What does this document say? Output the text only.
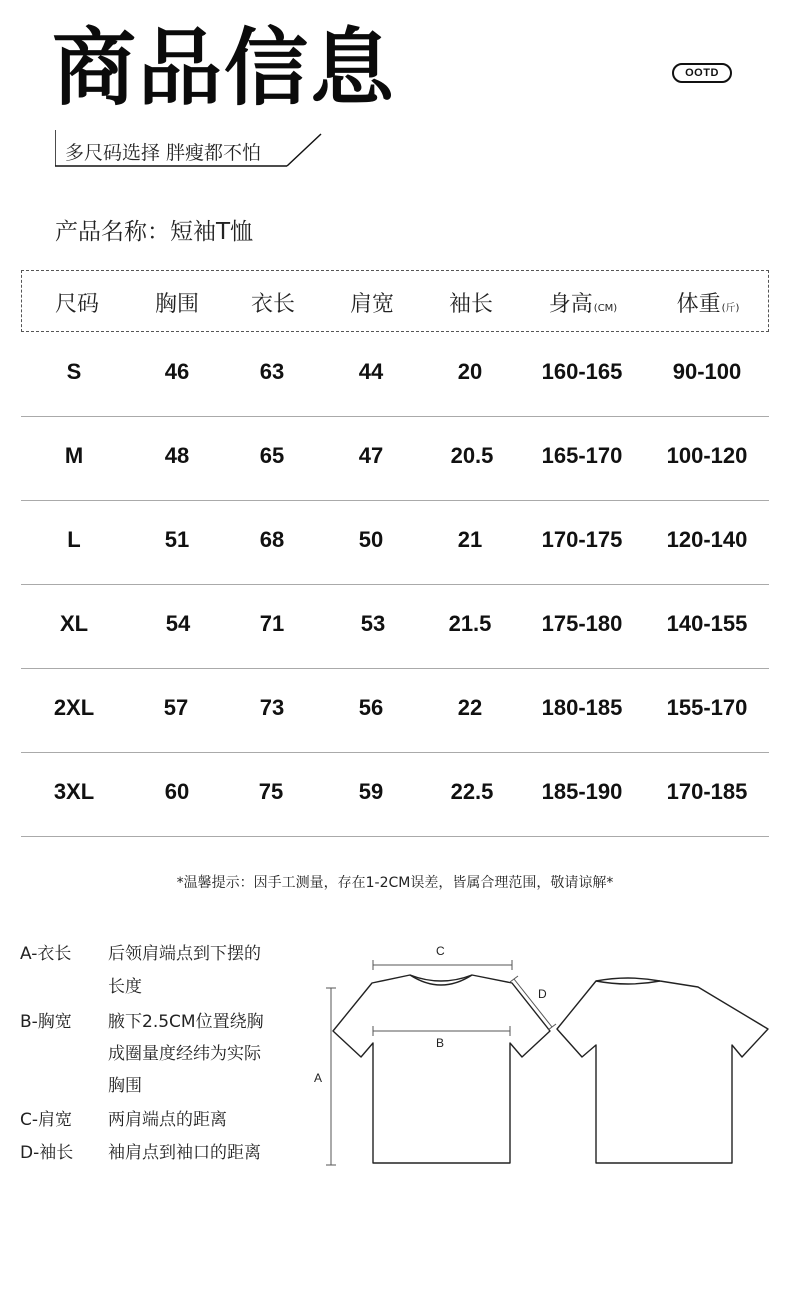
商品信息	OOTD
多尺码选择 胖瘦都不怕
产品名称：短袖T恤
尺码	胸围 衣长 肩宽 袖长	身高(CM)	体重(斤)
S	46	63	44	20	160-165 90-100
M	48	65	47	20.5 165-170 100-120
L	51	68	50	21	170-175 120-140
XL	54	71	53	21.5 175-180 140-155
2XL	57	73	56	22	180-185 155-170
3XL	60	75	59	22.5 185-190 170-185
*温馨提示：因手工测量，存在1-2CM误差，皆属合理范围，敬请谅解*
A-衣长 后领肩端点到下摆的
长度
B-胸宽 腋下2.5CM位置绕胸
成圈量度经纬为实际
胸围
C-肩宽 两肩端点的距离
D-袖长 袖肩点到袖口的距离
A
B
C
D
